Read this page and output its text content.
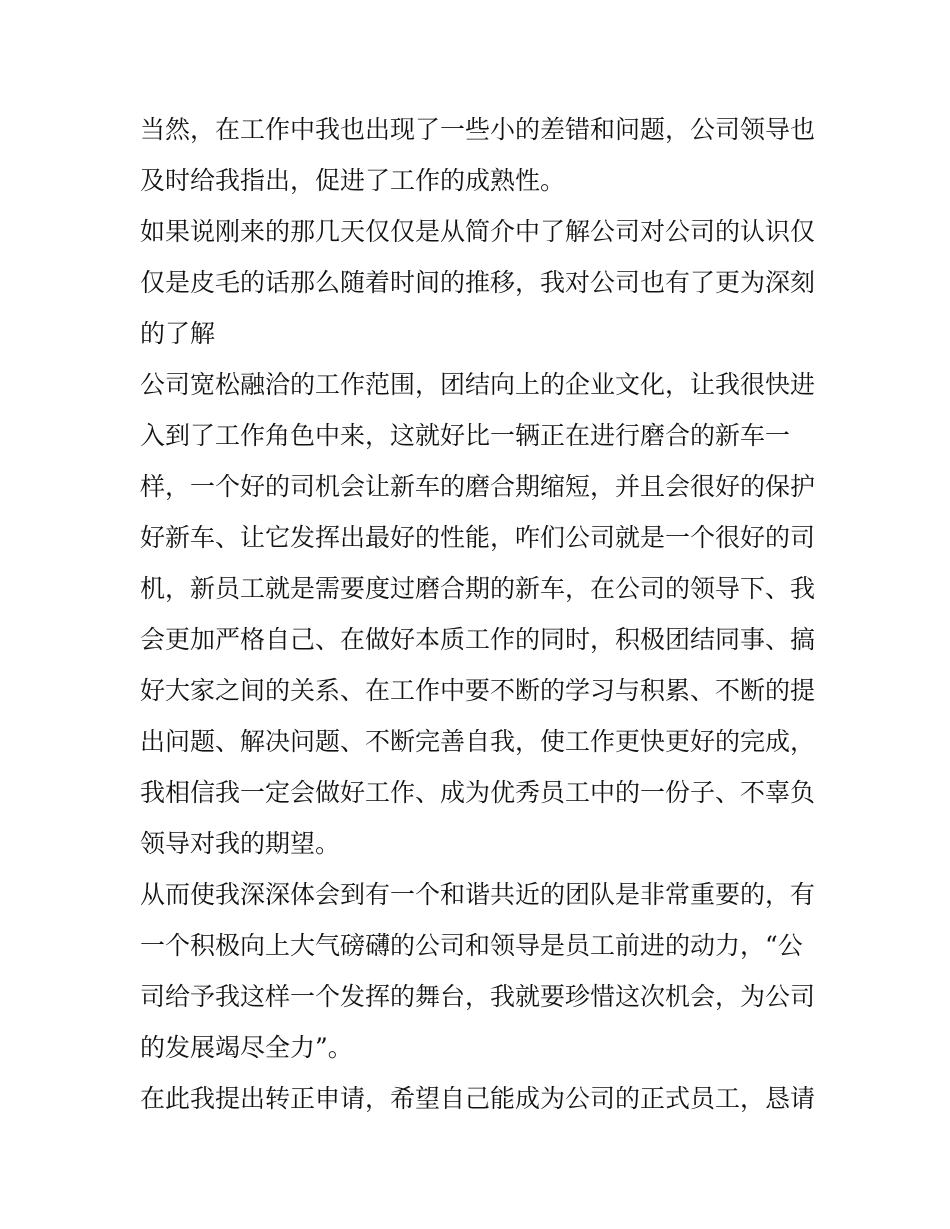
当然，在工作中我也出现了一些小的差错和问题，公司领导也
及时给我指出，促进了工作的成熟性。
如果说刚来的那几天仅仅是从简介中了解公司对公司的认识仅
仅是皮毛的话那么随着时间的推移，我对公司也有了更为深刻
的了解
公司宽松融洽的工作范围，团结向上的企业文化，让我很快进
入到了工作角色中来，这就好比一辆正在进行磨合的新车一
样，一个好的司机会让新车的磨合期缩短，并且会很好的保护
好新车、让它发挥出最好的性能，咋们公司就是一个很好的司
机，新员工就是需要度过磨合期的新车，在公司的领导下、我
会更加严格自己、在做好本质工作的同时，积极团结同事、搞
好大家之间的关系、在工作中要不断的学习与积累、不断的提
出问题、解决问题、不断完善自我，使工作更快更好的完成，
我相信我一定会做好工作、成为优秀员工中的一份子、不辜负
领导对我的期望。
从而使我深深体会到有一个和谐共近的团队是非常重要的，有
一个积极向上大气磅礴的公司和领导是员工前进的动力，“公
司给予我这样一个发挥的舞台，我就要珍惜这次机会，为公司
的发展竭尽全力”。
在此我提出转正申请，希望自己能成为公司的正式员工，恳请
